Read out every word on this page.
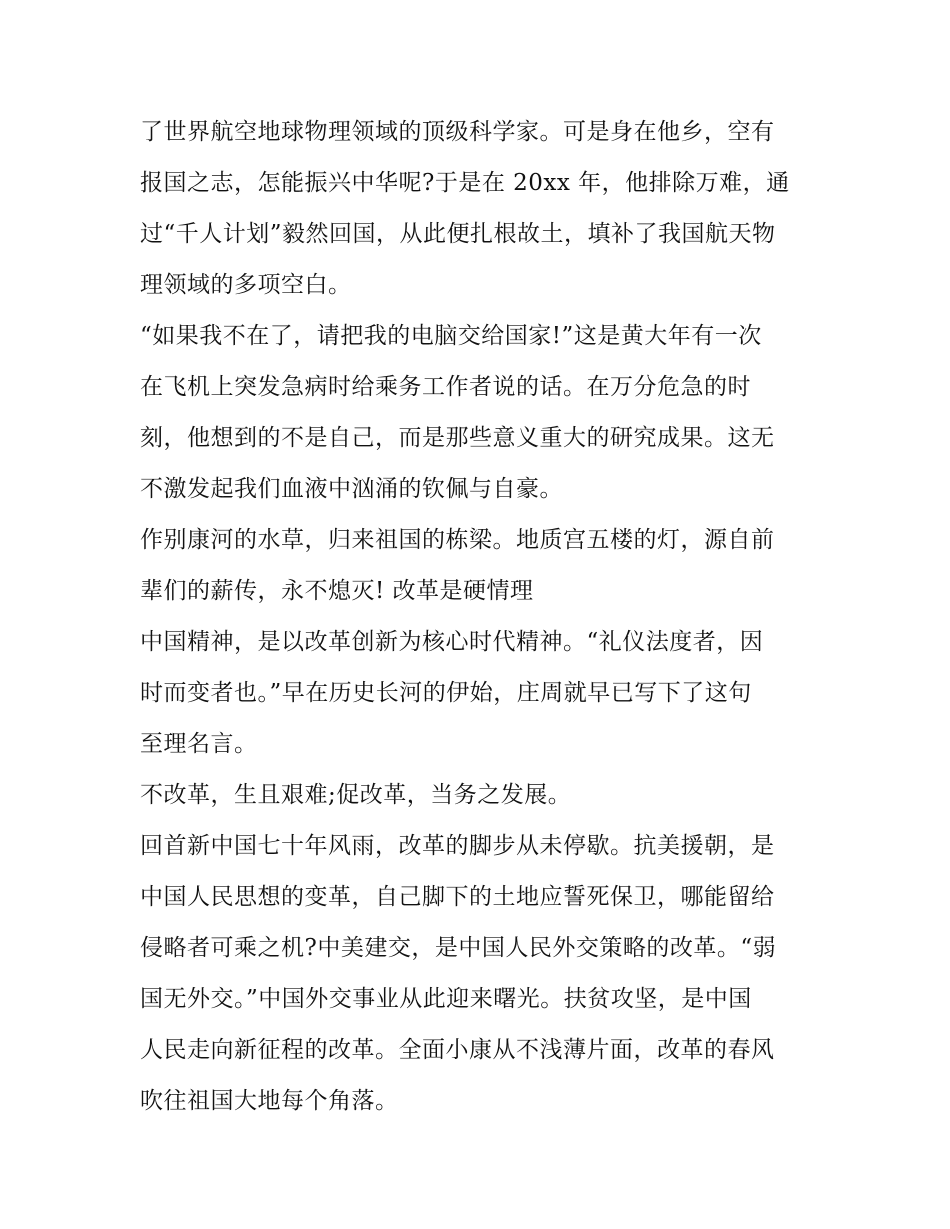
了世界航空地球物理领域的顶级科学家。可是身在他乡，空有
报国之志，怎能振兴中华呢?于是在 20xx 年，他排除万难，通
过“千人计划”毅然回国，从此便扎根故土，填补了我国航天物
理领域的多项空白。
“如果我不在了，请把我的电脑交给国家!”这是黄大年有一次
在飞机上突发急病时给乘务工作者说的话。在万分危急的时
刻，他想到的不是自己，而是那些意义重大的研究成果。这无
不激发起我们血液中汹涌的钦佩与自豪。
作别康河的水草，归来祖国的栋梁。地质宫五楼的灯，源自前
辈们的薪传，永不熄灭! 改革是硬情理
中国精神，是以改革创新为核心时代精神。“礼仪法度者，因
时而变者也。”早在历史长河的伊始，庄周就早已写下了这句
至理名言。
不改革，生且艰难;促改革，当务之发展。
回首新中国七十年风雨，改革的脚步从未停歇。抗美援朝，是
中国人民思想的变革，自己脚下的土地应誓死保卫，哪能留给
侵略者可乘之机?中美建交，是中国人民外交策略的改革。“弱
国无外交。”中国外交事业从此迎来曙光。扶贫攻坚，是中国
人民走向新征程的改革。全面小康从不浅薄片面，改革的春风
吹往祖国大地每个角落。
